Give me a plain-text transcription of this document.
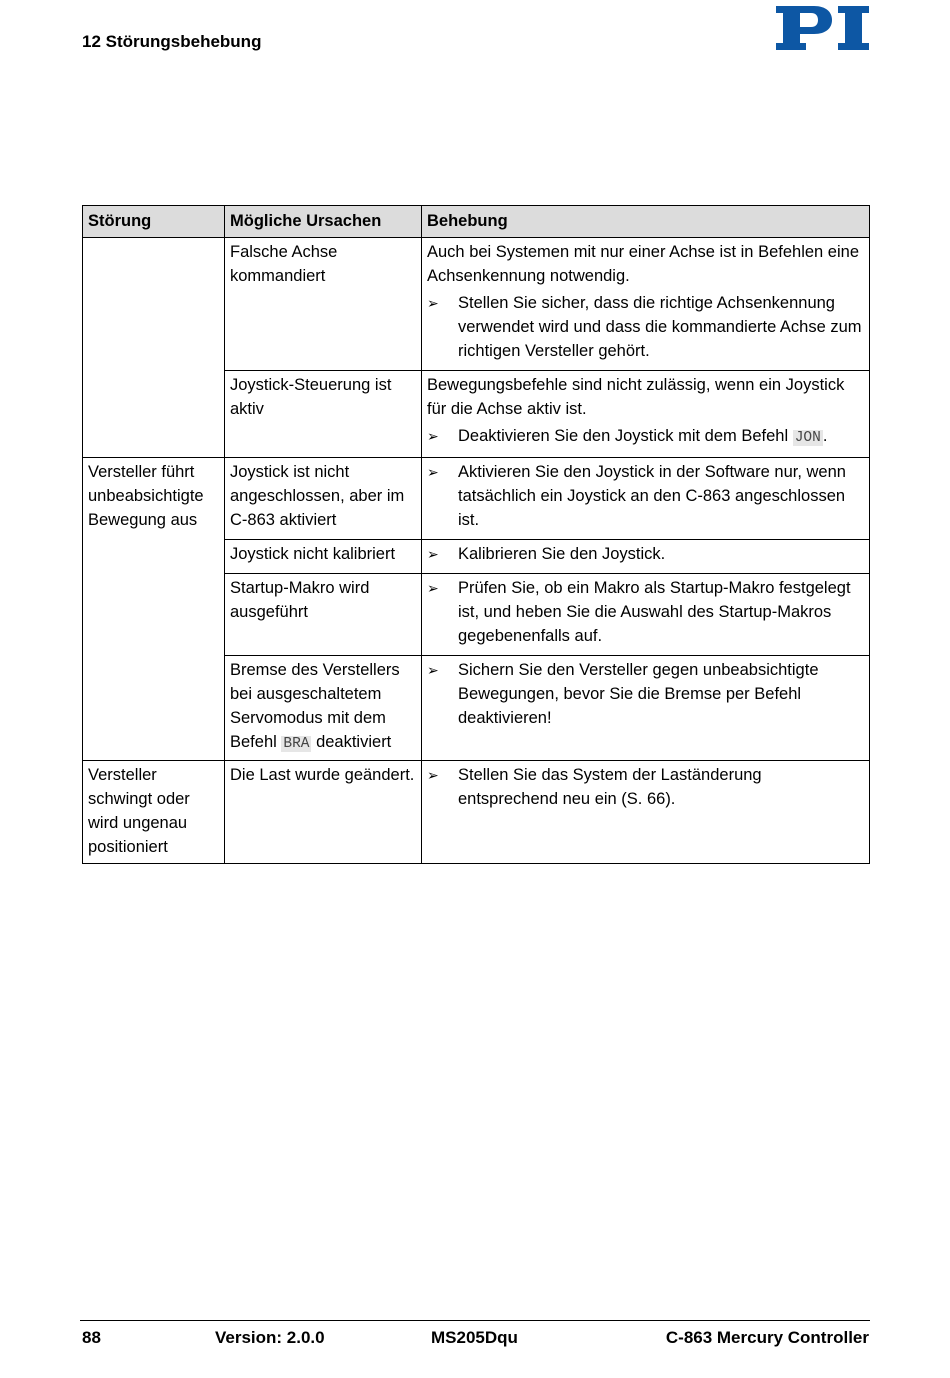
12 Störungsbehebung
Störung	Mögliche Ursachen	Behebung
	Falsche Achse kommandiert	Auch bei Systemen mit nur einer Achse ist in Befehlen eine Achsenkennung notwendig.
➢ Stellen Sie sicher, dass die richtige Achsenkennung verwendet wird und dass die kommandierte Achse zum richtigen Versteller gehört.

	Joystick-Steuerung ist aktiv	Bewegungsbefehle sind nicht zulässig, wenn ein Joystick für die Achse aktiv ist.
➢ Deaktivieren Sie den Joystick mit dem Befehl JON .

Versteller führt unbeabsichtigte Bewegung aus	Joystick ist nicht angeschlossen, aber im C-863 aktiviert	➢ Aktivieren Sie den Joystick in der Software nur, wenn tatsächlich ein Joystick an den C-863 angeschlossen ist.

	Joystick nicht kalibriert	➢ Kalibrieren Sie den Joystick.

	Startup-Makro wird ausgeführt	➢ Prüfen Sie, ob ein Makro als Startup-Makro festgelegt ist, und heben Sie die Auswahl des Startup-Makros gegebenenfalls auf.

	Bremse des Verstellers bei ausgeschaltetem Servomodus mit dem Befehl BRA deaktiviert	➢ Sichern Sie den Versteller gegen unbeabsichtigte Bewegungen, bevor Sie die Bremse per Befehl deaktivieren!

Versteller schwingt oder wird ungenau positioniert	Die Last wurde geändert.	➢ Stellen Sie das System der Laständerung entsprechend neu ein (S. 66).
88	Version: 2.0.0	MS205Dqu	C-863 Mercury Controller
